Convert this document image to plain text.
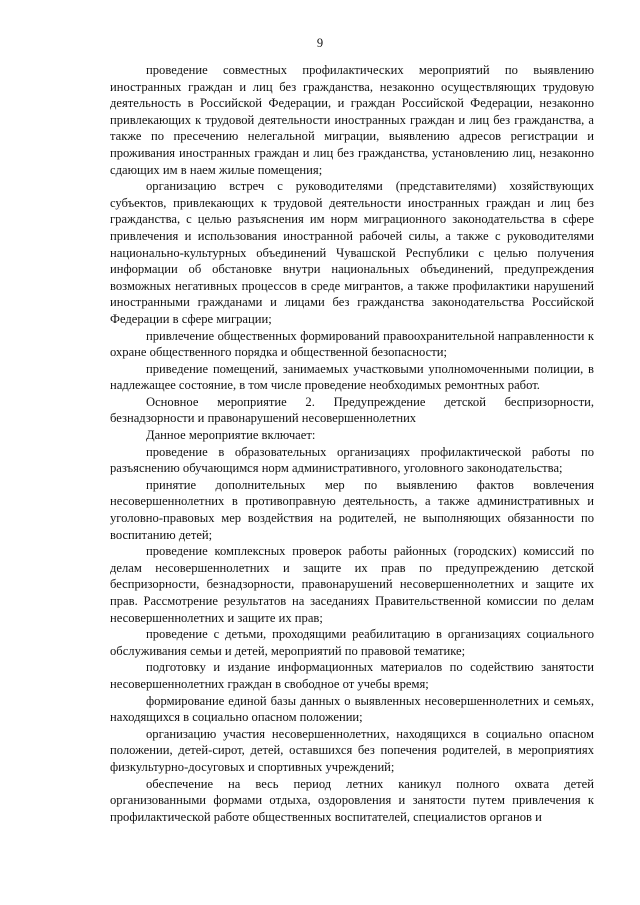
9

проведение совместных профилактических мероприятий по выявлению иностранных граждан и лиц без гражданства, незаконно осуществляющих трудовую деятельность в Российской Федерации, и граждан Российской Федерации, незаконно привлекающих к трудовой деятельности иностранных граждан и лиц без гражданства, а также по пресечению нелегальной миграции, выявлению адресов регистрации и проживания иностранных граждан и лиц без гражданства, установлению лиц, незаконно сдающих им в наем жилые помещения;

организацию встреч с руководителями (представителями) хозяйствующих субъектов, привлекающих к трудовой деятельности иностранных граждан и лиц без гражданства, с целью разъяснения им норм миграционного законодательства в сфере привлечения и использования иностранной рабочей силы, а также с руководителями национально-культурных объединений Чувашской Республики с целью получения информации об обстановке внутри национальных объединений, предупреждения возможных негативных процессов в среде мигрантов, а также профилактики нарушений иностранными гражданами и лицами без гражданства законодательства Российской Федерации в сфере миграции;

привлечение общественных формирований правоохранительной направленности к охране общественного порядка и общественной безопасности;

приведение помещений, занимаемых участковыми уполномоченными полиции, в надлежащее состояние, в том числе проведение необходимых ремонтных работ.

Основное мероприятие 2. Предупреждение детской беспризорности, безнадзорности и правонарушений несовершеннолетних

Данное мероприятие включает:

проведение в образовательных организациях профилактической работы по разъяснению обучающимся норм административного, уголовного законодательства;

принятие дополнительных мер по выявлению фактов вовлечения несовершеннолетних в противоправную деятельность, а также административных и уголовно-правовых мер воздействия на родителей, не выполняющих обязанности по воспитанию детей;

проведение комплексных проверок работы районных (городских) комиссий по делам несовершеннолетних и защите их прав по предупреждению детской беспризорности, безнадзорности, правонарушений несовершеннолетних и защите их прав. Рассмотрение результатов на заседаниях Правительственной комиссии по делам несовершеннолетних и защите их прав;

проведение с детьми, проходящими реабилитацию в организациях социального обслуживания семьи и детей, мероприятий по правовой тематике;

подготовку и издание информационных материалов по содействию занятости несовершеннолетних граждан в свободное от учебы время;

формирование единой базы данных о выявленных несовершеннолетних и семьях, находящихся в социально опасном положении;

организацию участия несовершеннолетних, находящихся в социально опасном положении, детей-сирот, детей, оставшихся без попечения родителей, в мероприятиях физкультурно-досуговых и спортивных учреждений;

обеспечение на весь период летних каникул полного охвата детей организованными формами отдыха, оздоровления и занятости путем привлечения к профилактической работе общественных воспитателей, специалистов органов и
